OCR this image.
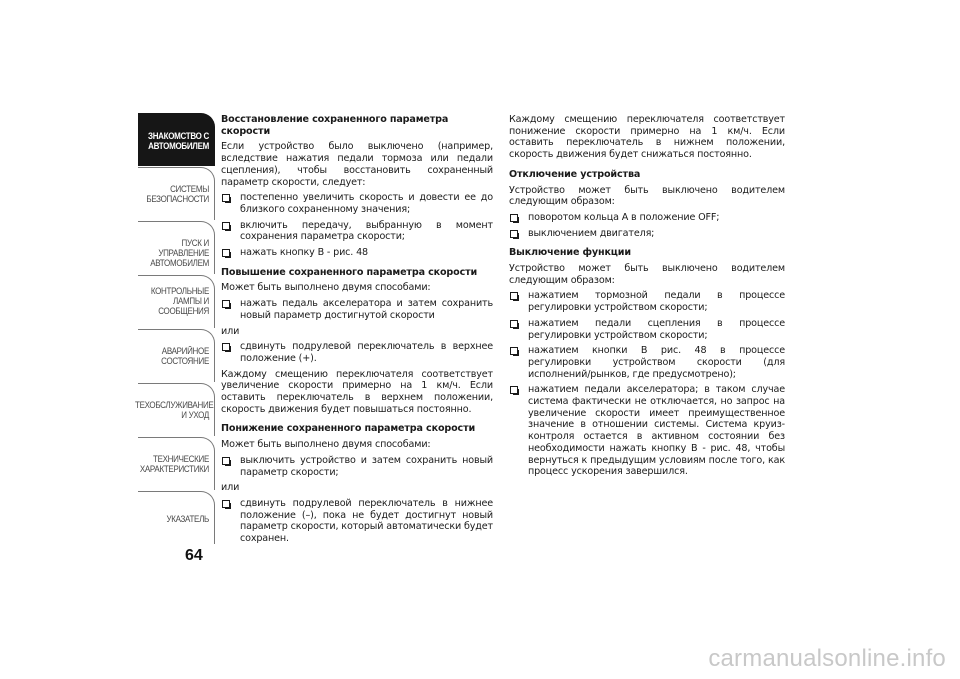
ЗНАКОМСТВО С
АВТОМОБИЛЕМ
СИСТЕМЫ
БЕЗОПАСНОСТИ
ПУСК И УПРАВЛЕНИЕ
АВТОМОБИЛЕМ
КОНТРОЛЬНЫЕ
ЛАМПЫ И
СООБЩЕНИЯ
АВАРИЙНОЕ
СОСТОЯНИЕ
ТЕХОБСЛУЖИВАНИЕ
И УХОД
ТЕХНИЧЕСКИЕ
ХАРАКТЕРИСТИКИ
УКАЗАТЕЛЬ
64

Восстановление сохраненного параметра скорости

Если устройство было выключено (например, вследствие нажатия педали тормоза или педали сцепления), чтобы восстановить сохраненный параметр скорости, следует:

постепенно увеличить скорость и довести ее до близкого сохраненному значения;
включить передачу, выбранную в момент сохранения параметра скорости;
нажать кнопку B - рис. 48

Повышение сохраненного параметра скорости

Может быть выполнено двумя способами:

нажать педаль акселератора и затем сохранить новый параметр достигнутой скорости

или

сдвинуть подрулевой переключатель в верхнее положение (+).

Каждому смещению переключателя соответствует увеличение скорости примерно на 1 км/ч. Если оставить переключатель в верхнем положении, скорость движения будет повышаться постоянно.

Понижение сохраненного параметра скорости

Может быть выполнено двумя способами:

выключить устройство и затем сохранить новый параметр скорости;

или

сдвинуть подрулевой переключатель в нижнее положение (–), пока не будет достигнут новый параметр скорости, который автоматически будет сохранен.

Каждому смещению переключателя соответствует понижение скорости примерно на 1 км/ч. Если оставить переключатель в нижнем положении, скорость движения будет снижаться постоянно.

Отключение устройства

Устройство может быть выключено водителем следующим образом:

поворотом кольца А в положение OFF;
выключением двигателя;

Выключение функции

Устройство может быть выключено водителем следующим образом:

нажатием тормозной педали в процессе регулировки устройством скорости;
нажатием педали сцепления в процессе регулировки устройством скорости;
нажатием кнопки B рис. 48 в процессе регулировки устройством скорости (для исполнений/рынков, где предусмотрено);
нажатием педали акселератора; в таком случае система фактически не отключается, но запрос на увеличение скорости имеет преимущественное значение в отношении системы. Система круиз-контроля остается в активном состоянии без необходимости нажать кнопку B - рис. 48, чтобы вернуться к предыдущим условиям после того, как процесс ускорения завершился.
carmanualsonline.info
